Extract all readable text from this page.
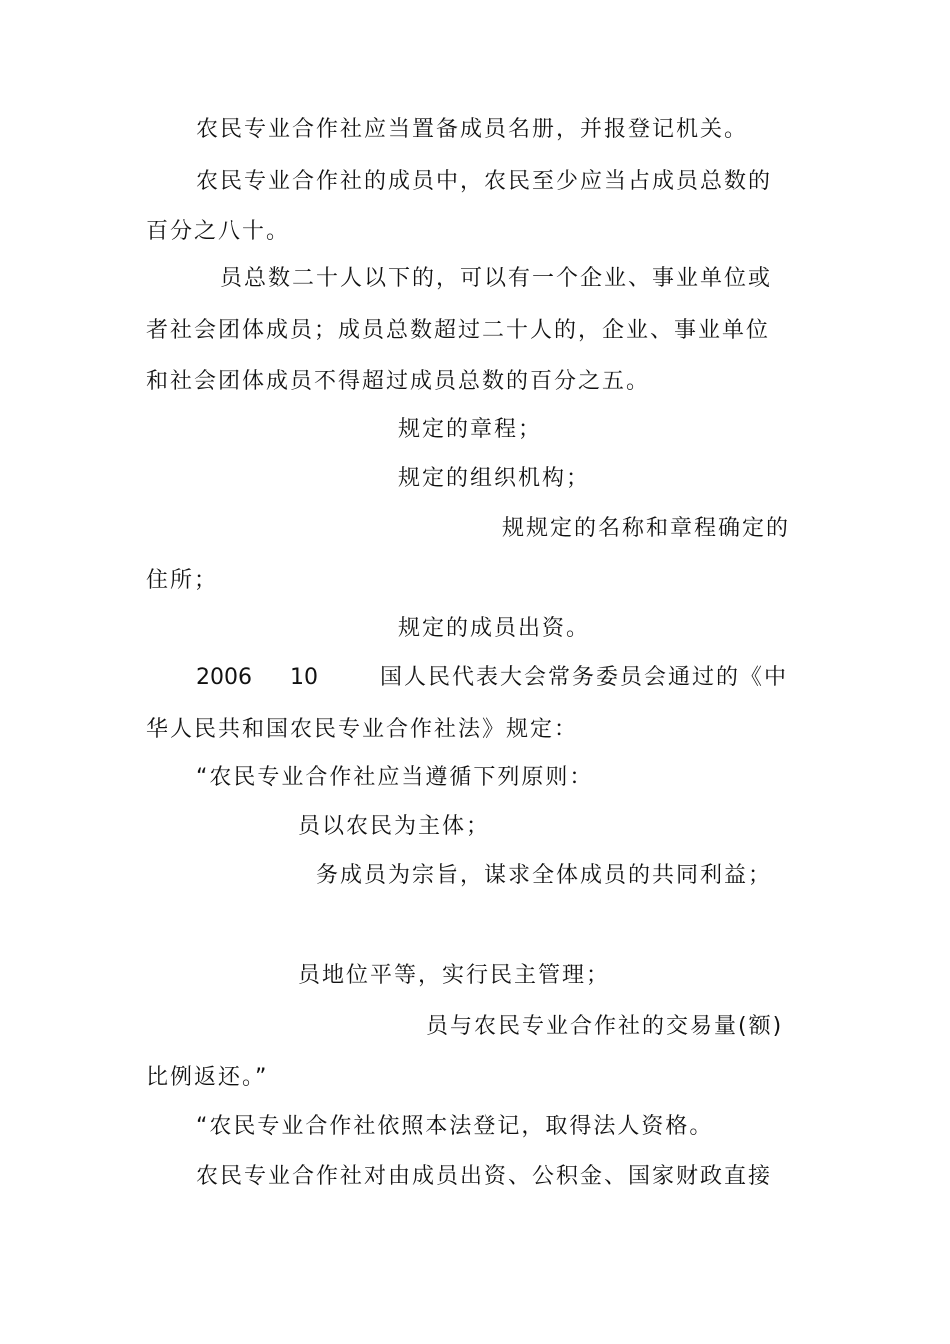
农民专业合作社应当置备成员名册，并报登记机关。
农民专业合作社的成员中，农民至少应当占成员总数的
百分之八十。
员总数二十人以下的，可以有一个企业、事业单位或
者社会团体成员；成员总数超过二十人的，企业、事业单位
和社会团体成员不得超过成员总数的百分之五。
规定的章程；
规定的组织机构；
规规定的名称和章程确定的
住所；
规定的成员出资。
2006 10	国人民代表大会常务委员会通过的《中
华人民共和国农民专业合作社法》规定：
“农民专业合作社应当遵循下列原则：
员以农民为主体；
务成员为宗旨，谋求全体成员的共同利益；
员地位平等，实行民主管理；
员与农民专业合作社的交易量(额)
比例返还。”
“农民专业合作社依照本法登记，取得法人资格。
农民专业合作社对由成员出资、公积金、国家财政直接
